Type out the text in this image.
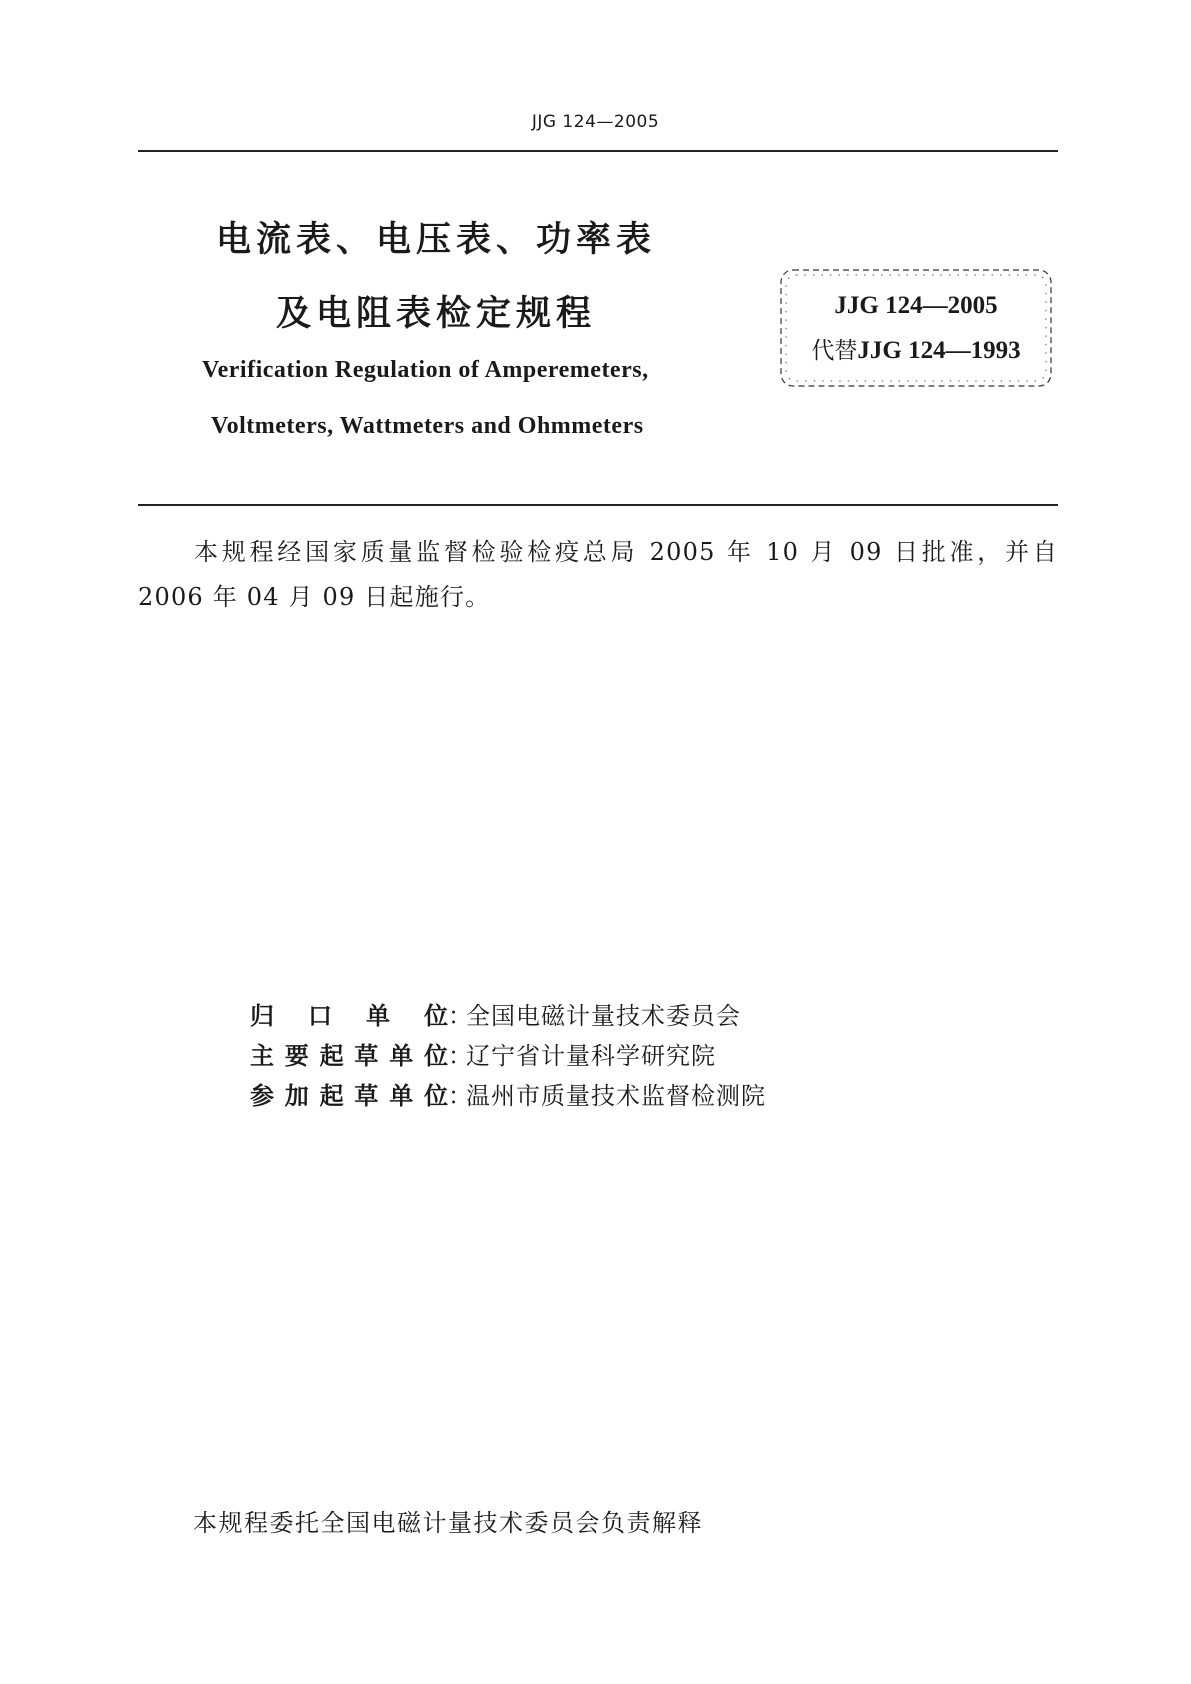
JJG 124—2005
电流表、电压表、功率表
及电阻表检定规程
Verification Regulation of Amperemeters,
Voltmeters, Wattmeters and Ohmmeters
JJG 124—2005
代替JJG 124—1993
本规程经国家质量监督检验检疫总局 2005 年 10 月 09 日批准，并自 2006 年 04 月 09 日起施行。
归口单位：全国电磁计量技术委员会
主要起草单位：辽宁省计量科学研究院
参加起草单位：温州市质量技术监督检测院
本规程委托全国电磁计量技术委员会负责解释
